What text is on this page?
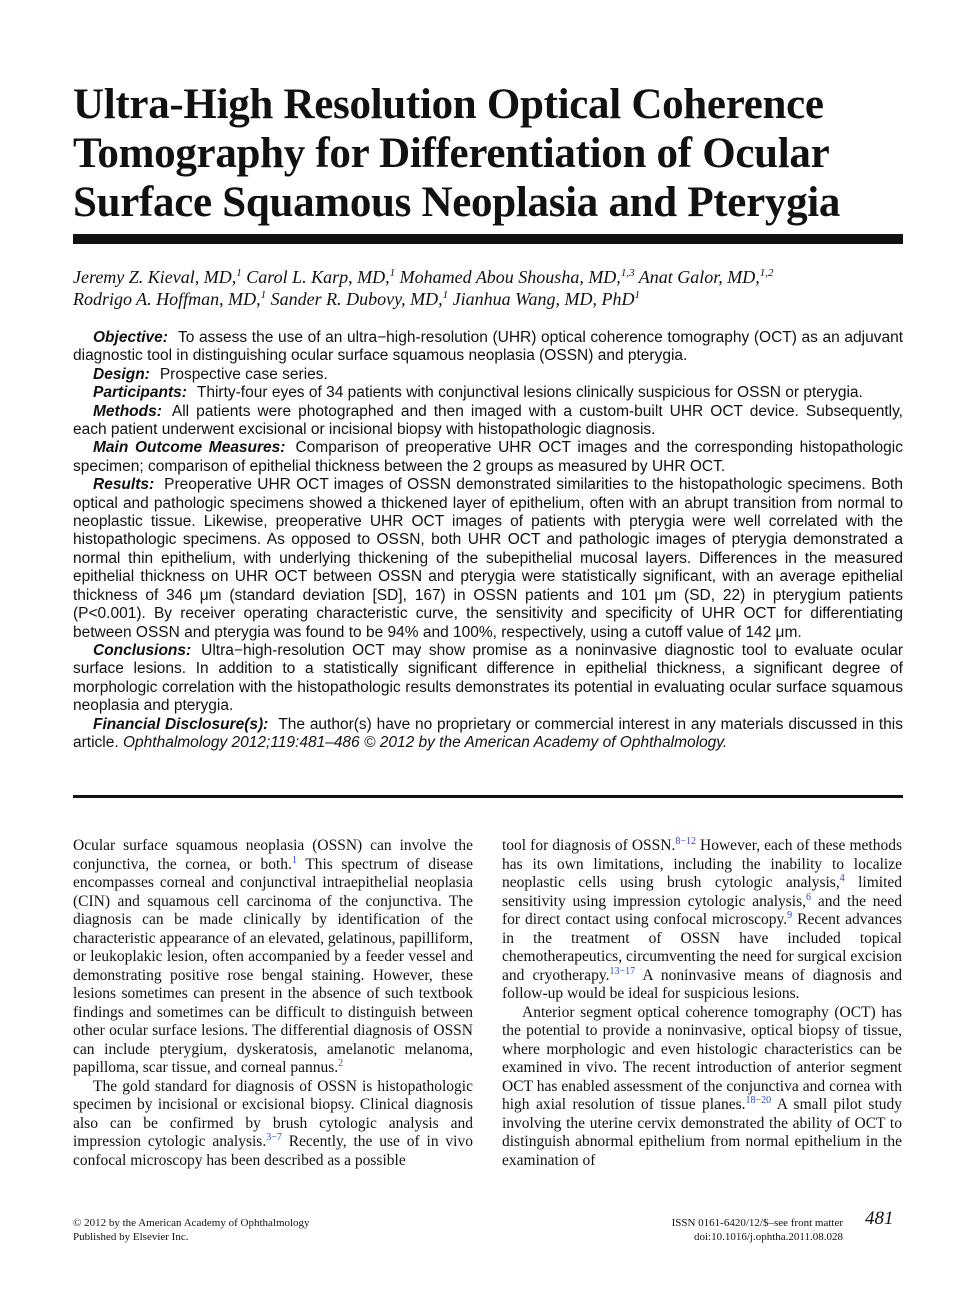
Ultra-High Resolution Optical Coherence Tomography for Differentiation of Ocular Surface Squamous Neoplasia and Pterygia
Jeremy Z. Kieval, MD,$^1$ Carol L. Karp, MD,$^1$ Mohamed Abou Shousha, MD,$^{1,3}$ Anat Galor, MD,$^{1,2}$
Rodrigo A. Hoffman, MD,$^1$ Sander R. Dubovy, MD,$^1$ Jianhua Wang, MD, PhD$^1$

Objective: To assess the use of an ultra−high-resolution (UHR) optical coherence tomography (OCT) as an adjuvant diagnostic tool in distinguishing ocular surface squamous neoplasia (OSSN) and pterygia.

Design: Prospective case series.

Participants: Thirty-four eyes of 34 patients with conjunctival lesions clinically suspicious for OSSN or pterygia.

Methods: All patients were photographed and then imaged with a custom-built UHR OCT device. Subsequently, each patient underwent excisional or incisional biopsy with histopathologic diagnosis.

Main Outcome Measures: Comparison of preoperative UHR OCT images and the corresponding histopathologic specimen; comparison of epithelial thickness between the 2 groups as measured by UHR OCT.

Results: Preoperative UHR OCT images of OSSN demonstrated similarities to the histopathologic specimens. Both optical and pathologic specimens showed a thickened layer of epithelium, often with an abrupt transition from normal to neoplastic tissue. Likewise, preoperative UHR OCT images of patients with pterygia were well correlated with the histopathologic specimens. As opposed to OSSN, both UHR OCT and pathologic images of pterygia demonstrated a normal thin epithelium, with underlying thickening of the subepithelial mucosal layers. Differences in the measured epithelial thickness on UHR OCT between OSSN and pterygia were statistically significant, with an average epithelial thickness of 346 μm (standard deviation [SD], 167) in OSSN patients and 101 μm (SD, 22) in pterygium patients (P<0.001). By receiver operating characteristic curve, the sensitivity and specificity of UHR OCT for differentiating between OSSN and pterygia was found to be 94% and 100%, respectively, using a cutoff value of 142 μm.

Conclusions: Ultra−high-resolution OCT may show promise as a noninvasive diagnostic tool to evaluate ocular surface lesions. In addition to a statistically significant difference in epithelial thickness, a significant degree of morphologic correlation with the histopathologic results demonstrates its potential in evaluating ocular surface squamous neoplasia and pterygia.

Financial Disclosure(s): The author(s) have no proprietary or commercial interest in any materials discussed in this article. Ophthalmology 2012;119:481–486 © 2012 by the American Academy of Ophthalmology.

Ocular surface squamous neoplasia (OSSN) can involve the conjunctiva, the cornea, or both.$^1$ This spectrum of disease encompasses corneal and conjunctival intraepithelial neoplasia (CIN) and squamous cell carcinoma of the conjunctiva. The diagnosis can be made clinically by identification of the characteristic appearance of an elevated, gelatinous, papilliform, or leukoplakic lesion, often accompanied by a feeder vessel and demonstrating positive rose bengal staining. However, these lesions sometimes can present in the absence of such textbook findings and sometimes can be difficult to distinguish between other ocular surface lesions. The differential diagnosis of OSSN can include pterygium, dyskeratosis, amelanotic melanoma, papilloma, scar tissue, and corneal pannus.$^2$

The gold standard for diagnosis of OSSN is histopathologic specimen by incisional or excisional biopsy. Clinical diagnosis also can be confirmed by brush cytologic analysis and impression cytologic analysis.$^{3-7}$ Recently, the use of in vivo confocal microscopy has been described as a possible

tool for diagnosis of OSSN.$^{8-12}$ However, each of these methods has its own limitations, including the inability to localize neoplastic cells using brush cytologic analysis,$^4$ limited sensitivity using impression cytologic analysis,$^6$ and the need for direct contact using confocal microscopy.$^9$ Recent advances in the treatment of OSSN have included topical chemotherapeutics, circumventing the need for surgical excision and cryotherapy.$^{13-17}$ A noninvasive means of diagnosis and follow-up would be ideal for suspicious lesions.

Anterior segment optical coherence tomography (OCT) has the potential to provide a noninvasive, optical biopsy of tissue, where morphologic and even histologic characteristics can be examined in vivo. The recent introduction of anterior segment OCT has enabled assessment of the conjunctiva and cornea with high axial resolution of tissue planes.$^{18-20}$ A small pilot study involving the uterine cervix demonstrated the ability of OCT to distinguish abnormal epithelium from normal epithelium in the examination of

© 2012 by the American Academy of Ophthalmology
Published by Elsevier Inc.
ISSN 0161-6420/12/$–see front matter
doi:10.1016/j.ophtha.2011.08.028
481
